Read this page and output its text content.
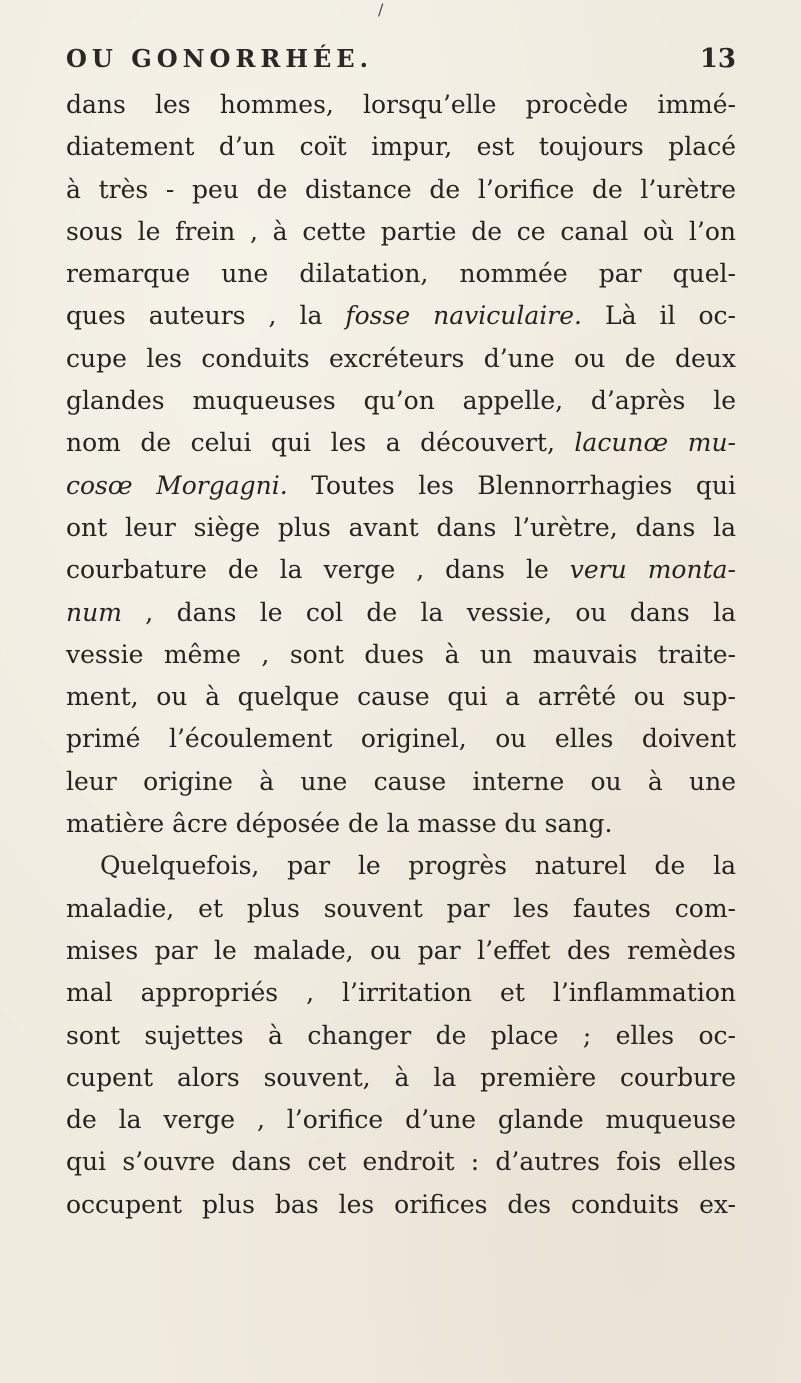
/
OU GONORRHÉE.	13
dans les hommes, lorsqu’elle procède immé-
diatement d’un coït impur, est toujours placé
à très - peu de distance de l’orifice de l’urètre
sous le frein , à cette partie de ce canal où l’on
remarque une dilatation, nommée par quel-
ques auteurs , la fosse naviculaire. Là il oc-
cupe les conduits excréteurs d’une ou de deux
glandes muqueuses qu’on appelle, d’après le
nom de celui qui les a découvert, lacunœ mu-
cosœ Morgagni. Toutes les Blennorrhagies qui
ont leur siège plus avant dans l’urètre, dans la
courbature de la verge , dans le veru monta-
num , dans le col de la vessie, ou dans la
vessie même , sont dues à un mauvais traite-
ment, ou à quelque cause qui a arrêté ou sup-
primé l’écoulement originel, ou elles doivent
leur origine à une cause interne ou à une
matière âcre déposée de la masse du sang.
Quelquefois, par le progrès naturel de la
maladie, et plus souvent par les fautes com-
mises par le malade, ou par l’effet des remèdes
mal appropriés , l’irritation et l’inflammation
sont sujettes à changer de place ; elles oc-
cupent alors souvent, à la première courbure
de la verge , l’orifice d’une glande muqueuse
qui s’ouvre dans cet endroit : d’autres fois elles
occupent plus bas les orifices des conduits ex-
